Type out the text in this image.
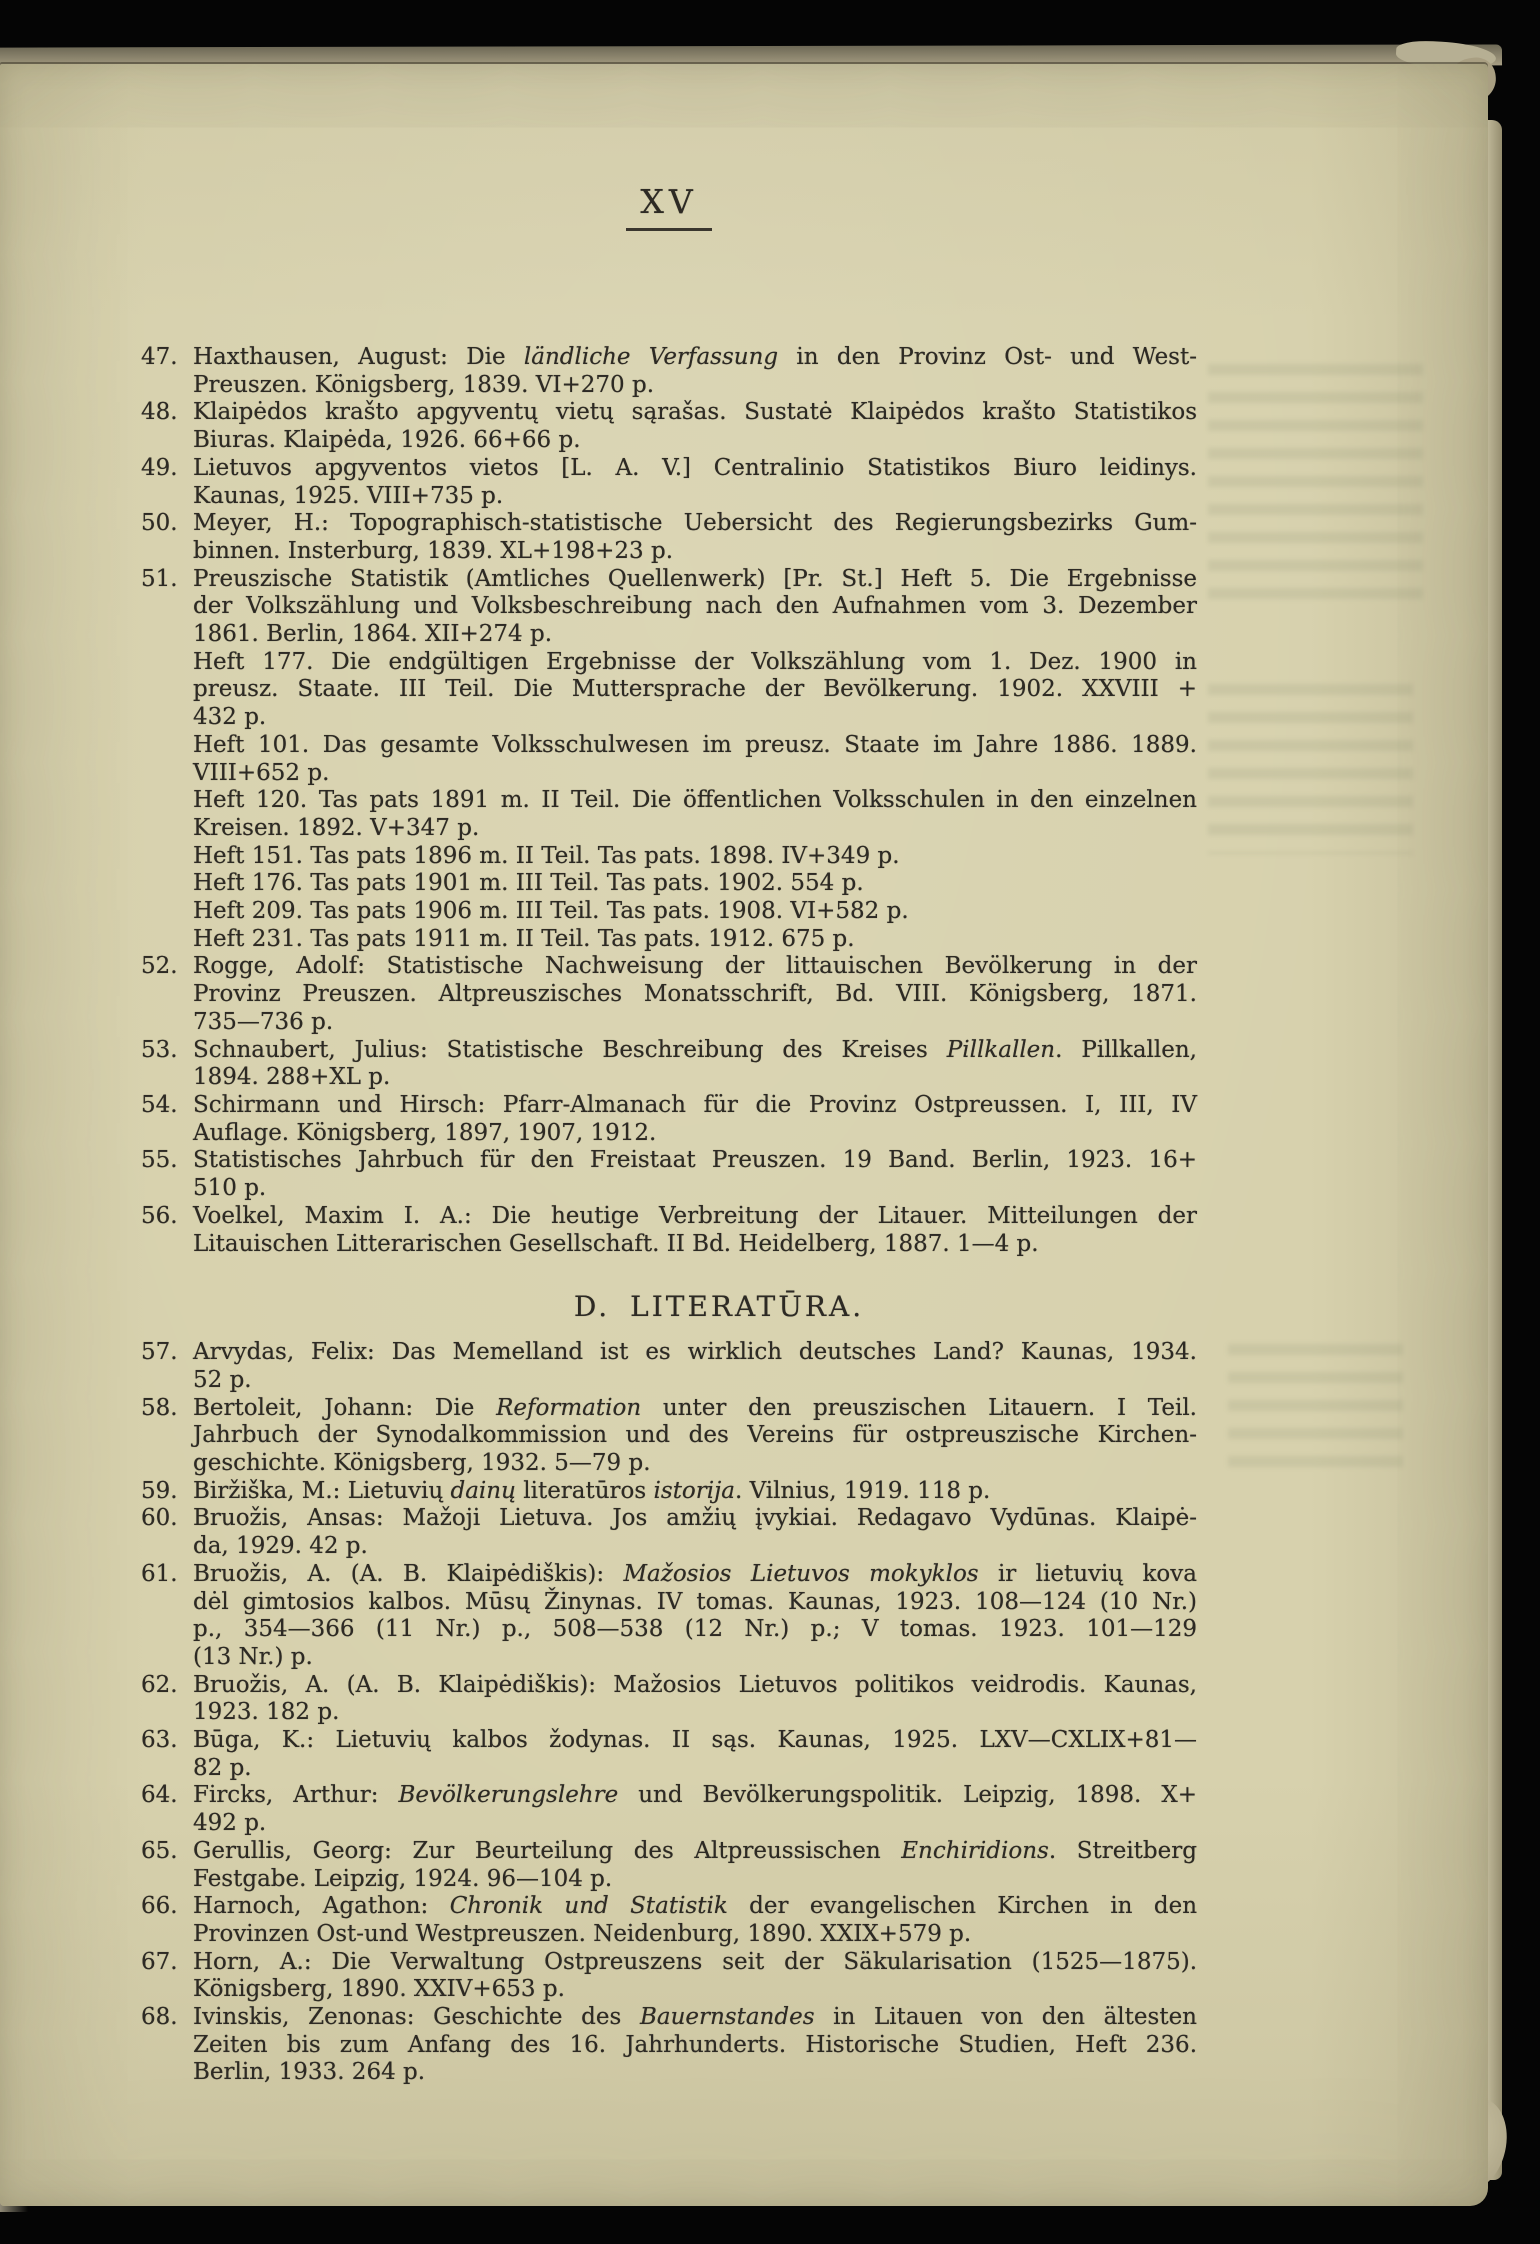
XV
47. Haxthausen, August: Die ländliche Verfassung in den Provinz Ost- und West-
Preuszen. Königsberg, 1839. VI+270 p.
48. Klaipėdos krašto apgyventų vietų sąrašas. Sustatė Klaipėdos krašto Statistikos
Biuras. Klaipėda, 1926. 66+66 p.
49. Lietuvos apgyventos vietos [L. A. V.] Centralinio Statistikos Biuro leidinys.
Kaunas, 1925. VIII+735 p.
50. Meyer, H.: Topographisch-statistische Uebersicht des Regierungsbezirks Gum-
binnen. Insterburg, 1839. XL+198+23 p.
51. Preuszische Statistik (Amtliches Quellenwerk) [Pr. St.] Heft 5. Die Ergebnisse
der Volkszählung und Volksbeschreibung nach den Aufnahmen vom 3. Dezember
1861. Berlin, 1864. XII+274 p.
Heft 177. Die endgültigen Ergebnisse der Volkszählung vom 1. Dez. 1900 in
preusz. Staate. III Teil. Die Muttersprache der Bevölkerung. 1902. XXVIII +
432 p.
Heft 101. Das gesamte Volksschulwesen im preusz. Staate im Jahre 1886. 1889.
VIII+652 p.
Heft 120. Tas pats 1891 m. II Teil. Die öffentlichen Volksschulen in den einzelnen
Kreisen. 1892. V+347 p.
Heft 151. Tas pats 1896 m. II Teil. Tas pats. 1898. IV+349 p.
Heft 176. Tas pats 1901 m. III Teil. Tas pats. 1902. 554 p.
Heft 209. Tas pats 1906 m. III Teil. Tas pats. 1908. VI+582 p.
Heft 231. Tas pats 1911 m. II Teil. Tas pats. 1912. 675 p.
52. Rogge, Adolf: Statistische Nachweisung der littauischen Bevölkerung in der
Provinz Preuszen. Altpreuszisches Monatsschrift, Bd. VIII. Königsberg, 1871.
735—736 p.
53. Schnaubert, Julius: Statistische Beschreibung des Kreises Pillkallen. Pillkallen,
1894. 288+XL p.
54. Schirmann und Hirsch: Pfarr-Almanach für die Provinz Ostpreussen. I, III, IV
Auflage. Königsberg, 1897, 1907, 1912.
55. Statistisches Jahrbuch für den Freistaat Preuszen. 19 Band. Berlin, 1923. 16+
510 p.
56. Voelkel, Maxim I. A.: Die heutige Verbreitung der Litauer. Mitteilungen der
Litauischen Litterarischen Gesellschaft. II Bd. Heidelberg, 1887. 1—4 p.
D. LITERATŪRA.
57. Arvydas, Felix: Das Memelland ist es wirklich deutsches Land? Kaunas, 1934.
52 p.
58. Bertoleit, Johann: Die Reformation unter den preuszischen Litauern. I Teil.
Jahrbuch der Synodalkommission und des Vereins für ostpreuszische Kirchen-
geschichte. Königsberg, 1932. 5—79 p.
59. Biržiška, M.: Lietuvių dainų literatūros istorija. Vilnius, 1919. 118 p.
60. Bruožis, Ansas: Mažoji Lietuva. Jos amžių įvykiai. Redagavo Vydūnas. Klaipė-
da, 1929. 42 p.
61. Bruožis, A. (A. B. Klaipėdiškis): Mažosios Lietuvos mokyklos ir lietuvių kova
dėl gimtosios kalbos. Mūsų Žinynas. IV tomas. Kaunas, 1923. 108—124 (10 Nr.)
p., 354—366 (11 Nr.) p., 508—538 (12 Nr.) p.; V tomas. 1923. 101—129
(13 Nr.) p.
62. Bruožis, A. (A. B. Klaipėdiškis): Mažosios Lietuvos politikos veidrodis. Kaunas,
1923. 182 p.
63. Būga, K.: Lietuvių kalbos žodynas. II sąs. Kaunas, 1925. LXV—CXLIX+81—
82 p.
64. Fircks, Arthur: Bevölkerungslehre und Bevölkerungspolitik. Leipzig, 1898. X+
492 p.
65. Gerullis, Georg: Zur Beurteilung des Altpreussischen Enchiridions. Streitberg
Festgabe. Leipzig, 1924. 96—104 p.
66. Harnoch, Agathon: Chronik und Statistik der evangelischen Kirchen in den
Provinzen Ost-und Westpreuszen. Neidenburg, 1890. XXIX+579 p.
67. Horn, A.: Die Verwaltung Ostpreuszens seit der Säkularisation (1525—1875).
Königsberg, 1890. XXIV+653 p.
68. Ivinskis, Zenonas: Geschichte des Bauernstandes in Litauen von den ältesten
Zeiten bis zum Anfang des 16. Jahrhunderts. Historische Studien, Heft 236.
Berlin, 1933. 264 p.
